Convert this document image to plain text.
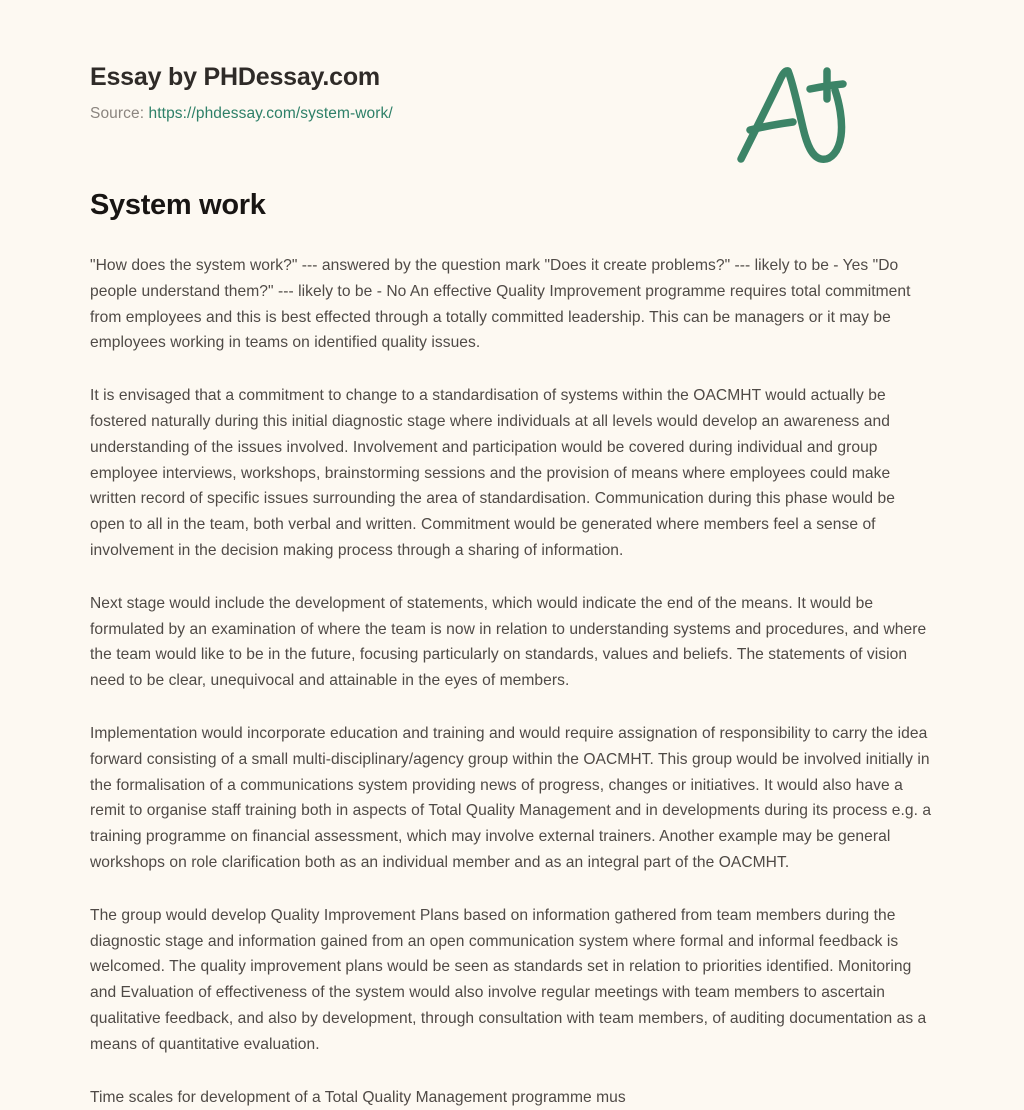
Essay by PHDessay.com
Source: https://phdessay.com/system-work/
System work

"How does the system work?" --- answered by the question mark "Does it create problems?" --- likely to be - Yes "Do people understand them?" --- likely to be - No An effective Quality Improvement programme requires total commitment from employees and this is best effected through a totally committed leadership. This can be managers or it may be employees working in teams on identified quality issues.

It is envisaged that a commitment to change to a standardisation of systems within the OACMHT would actually be fostered naturally during this initial diagnostic stage where individuals at all levels would develop an awareness and understanding of the issues involved. Involvement and participation would be covered during individual and group employee interviews, workshops, brainstorming sessions and the provision of means where employees could make written record of specific issues surrounding the area of standardisation. Communication during this phase would be open to all in the team, both verbal and written. Commitment would be generated where members feel a sense of involvement in the decision making process through a sharing of information.

Next stage would include the development of statements, which would indicate the end of the means. It would be formulated by an examination of where the team is now in relation to understanding systems and procedures, and where the team would like to be in the future, focusing particularly on standards, values and beliefs. The statements of vision need to be clear, unequivocal and attainable in the eyes of members.

Implementation would incorporate education and training and would require assignation of responsibility to carry the idea forward consisting of a small multi-disciplinary/agency group within the OACMHT. This group would be involved initially in the formalisation of a communications system providing news of progress, changes or initiatives. It would also have a remit to organise staff training both in aspects of Total Quality Management and in developments during its process e.g. a training programme on financial assessment, which may involve external trainers. Another example may be general workshops on role clarification both as an individual member and as an integral part of the OACMHT.

The group would develop Quality Improvement Plans based on information gathered from team members during the diagnostic stage and information gained from an open communication system where formal and informal feedback is welcomed. The quality improvement plans would be seen as standards set in relation to priorities identified. Monitoring and Evaluation of effectiveness of the system would also involve regular meetings with team members to ascertain qualitative feedback, and also by development, through consultation with team members, of auditing documentation as a means of quantitative evaluation.

Time scales for development of a Total Quality Management programme mus
